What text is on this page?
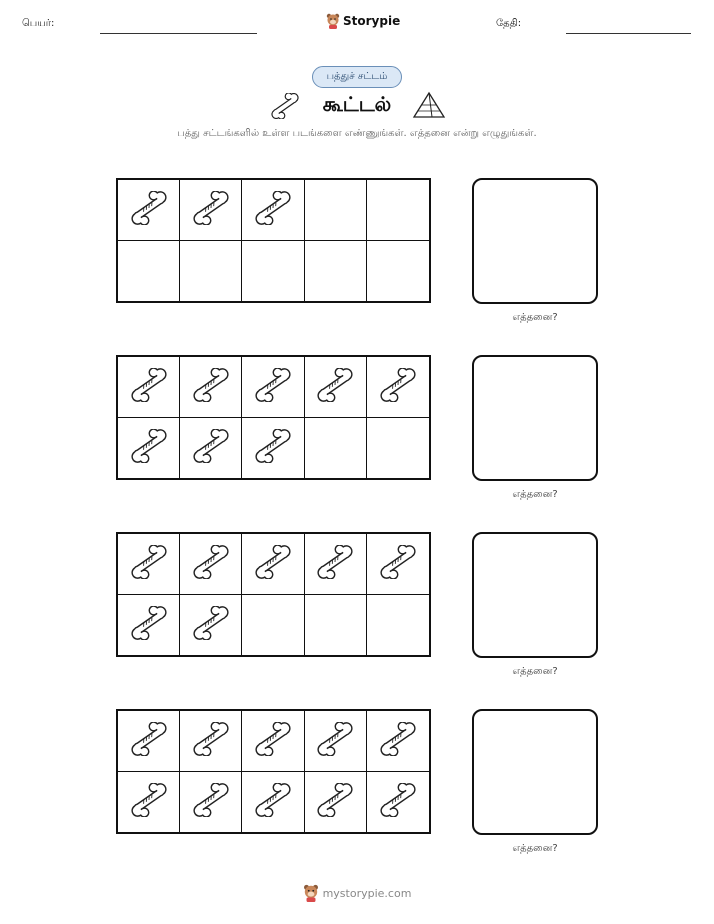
பெயர்:	Storypie	தேதி:
பத்துச் சட்டம்
கூட்டல்
பத்து சட்டங்களில் உள்ள படங்களை எண்ணுங்கள். எத்தனை என்று எழுதுங்கள்.
எத்தனை?
எத்தனை?
எத்தனை?
எத்தனை?
mystorypie.com
